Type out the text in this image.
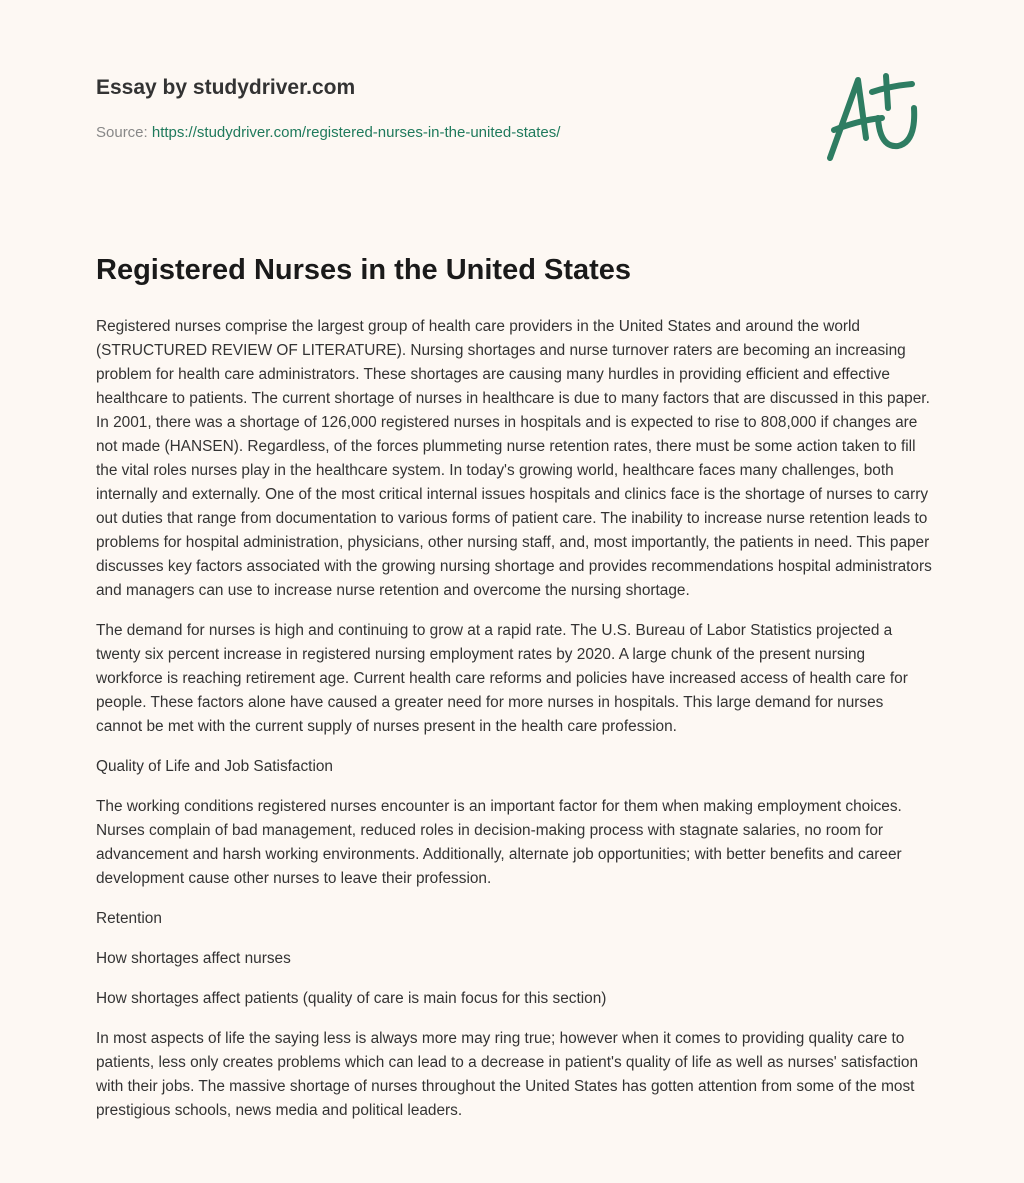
Essay by studydriver.com
Source: https://studydriver.com/registered-nurses-in-the-united-states/
Registered Nurses in the United States

Registered nurses comprise the largest group of health care providers in the United States and around the world (STRUCTURED REVIEW OF LITERATURE). Nursing shortages and nurse turnover raters are becoming an increasing problem for health care administrators. These shortages are causing many hurdles in providing efficient and effective healthcare to patients. The current shortage of nurses in healthcare is due to many factors that are discussed in this paper. In 2001, there was a shortage of 126,000 registered nurses in hospitals and is expected to rise to 808,000 if changes are not made (HANSEN). Regardless, of the forces plummeting nurse retention rates, there must be some action taken to fill the vital roles nurses play in the healthcare system. In today's growing world, healthcare faces many challenges, both internally and externally. One of the most critical internal issues hospitals and clinics face is the shortage of nurses to carry out duties that range from documentation to various forms of patient care. The inability to increase nurse retention leads to problems for hospital administration, physicians, other nursing staff, and, most importantly, the patients in need. This paper discusses key factors associated with the growing nursing shortage and provides recommendations hospital administrators and managers can use to increase nurse retention and overcome the nursing shortage.

The demand for nurses is high and continuing to grow at a rapid rate. The U.S. Bureau of Labor Statistics projected a twenty six percent increase in registered nursing employment rates by 2020. A large chunk of the present nursing workforce is reaching retirement age. Current health care reforms and policies have increased access of health care for people. These factors alone have caused a greater need for more nurses in hospitals. This large demand for nurses cannot be met with the current supply of nurses present in the health care profession.

Quality of Life and Job Satisfaction

The working conditions registered nurses encounter is an important factor for them when making employment choices. Nurses complain of bad management, reduced roles in decision-making process with stagnate salaries, no room for advancement and harsh working environments. Additionally, alternate job opportunities; with better benefits and career development cause other nurses to leave their profession.

Retention

How shortages affect nurses

How shortages affect patients (quality of care is main focus for this section)

In most aspects of life the saying less is always more may ring true; however when it comes to providing quality care to patients, less only creates problems which can lead to a decrease in patient's quality of life as well as nurses' satisfaction with their jobs. The massive shortage of nurses throughout the United States has gotten attention from some of the most prestigious schools, news media and political leaders.
